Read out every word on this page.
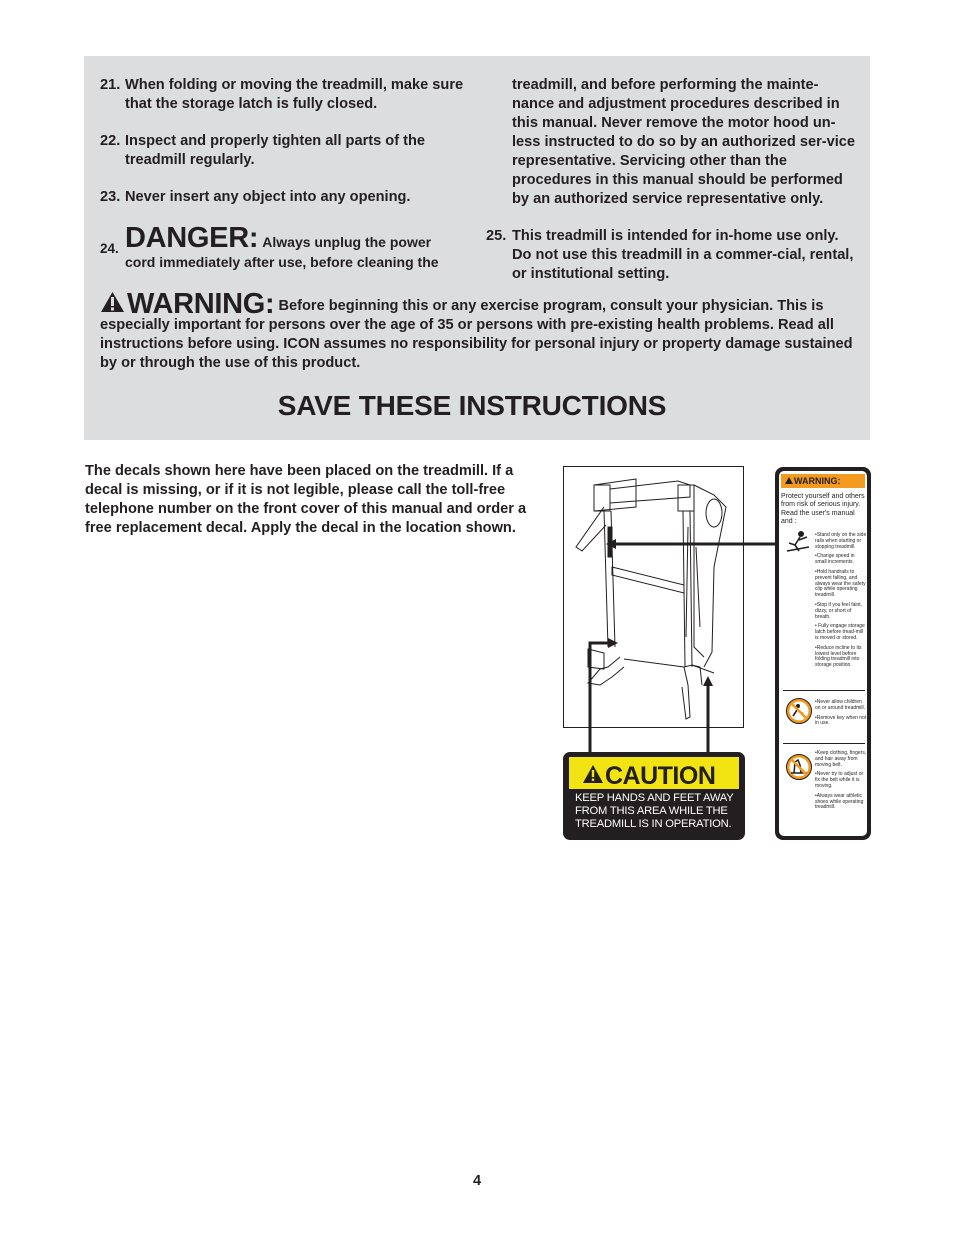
21. When folding or moving the treadmill, make sure that the storage latch is fully closed.
22. Inspect and properly tighten all parts of the treadmill regularly.
23. Never insert any object into any opening.
24. DANGER: Always unplug the power
cord immediately after use, before cleaning the
treadmill, and before performing the mainte-nance and adjustment procedures described in this manual. Never remove the motor hood un-less instructed to do so by an authorized ser-vice representative. Servicing other than the procedures in this manual should be performed by an authorized service representative only.
25. This treadmill is intended for in-home use only. Do not use this treadmill in a commer-cial, rental, or institutional setting.
WARNING: Before beginning this or any exercise program, consult your physician. This is especially important for persons over the age of 35 or persons with pre-existing health problems. Read all instructions before using. ICON assumes no responsibility for personal injury or property damage sustained by or through the use of this product.
SAVE THESE INSTRUCTIONS
The decals shown here have been placed on the treadmill. If a decal is missing, or if it is not legible, please call the toll-free telephone number on the front cover of this manual and order a free replacement decal. Apply the decal in the location shown.
CAUTION
KEEP HANDS AND FEET AWAY FROM THIS AREA WHILE THE TREADMILL IS IN OPERATION.
WARNING:
Protect yourself and others from risk of serious injury. Read the user's manual and :
•Stand only on the side rails when starting or stopping treadmill.
•Change speed in small increments.
•Hold handrails to prevent falling, and always wear the safety clip while operating treadmill.
•Stop if you feel faint, dizzy, or short of breath.
• Fully engage storage latch before tread-mill is moved or stored.
•Reduce incline to its lowest level before folding treadmill into storage position.
•Never allow children on or around treadmill.
•Remove key when not in use.
•Keep clothing, fingers, and hair away from moving belt.
•Never try to adjust or fix the belt while it is moving.
•Always wear athletic shoes while operating treadmill.
4
